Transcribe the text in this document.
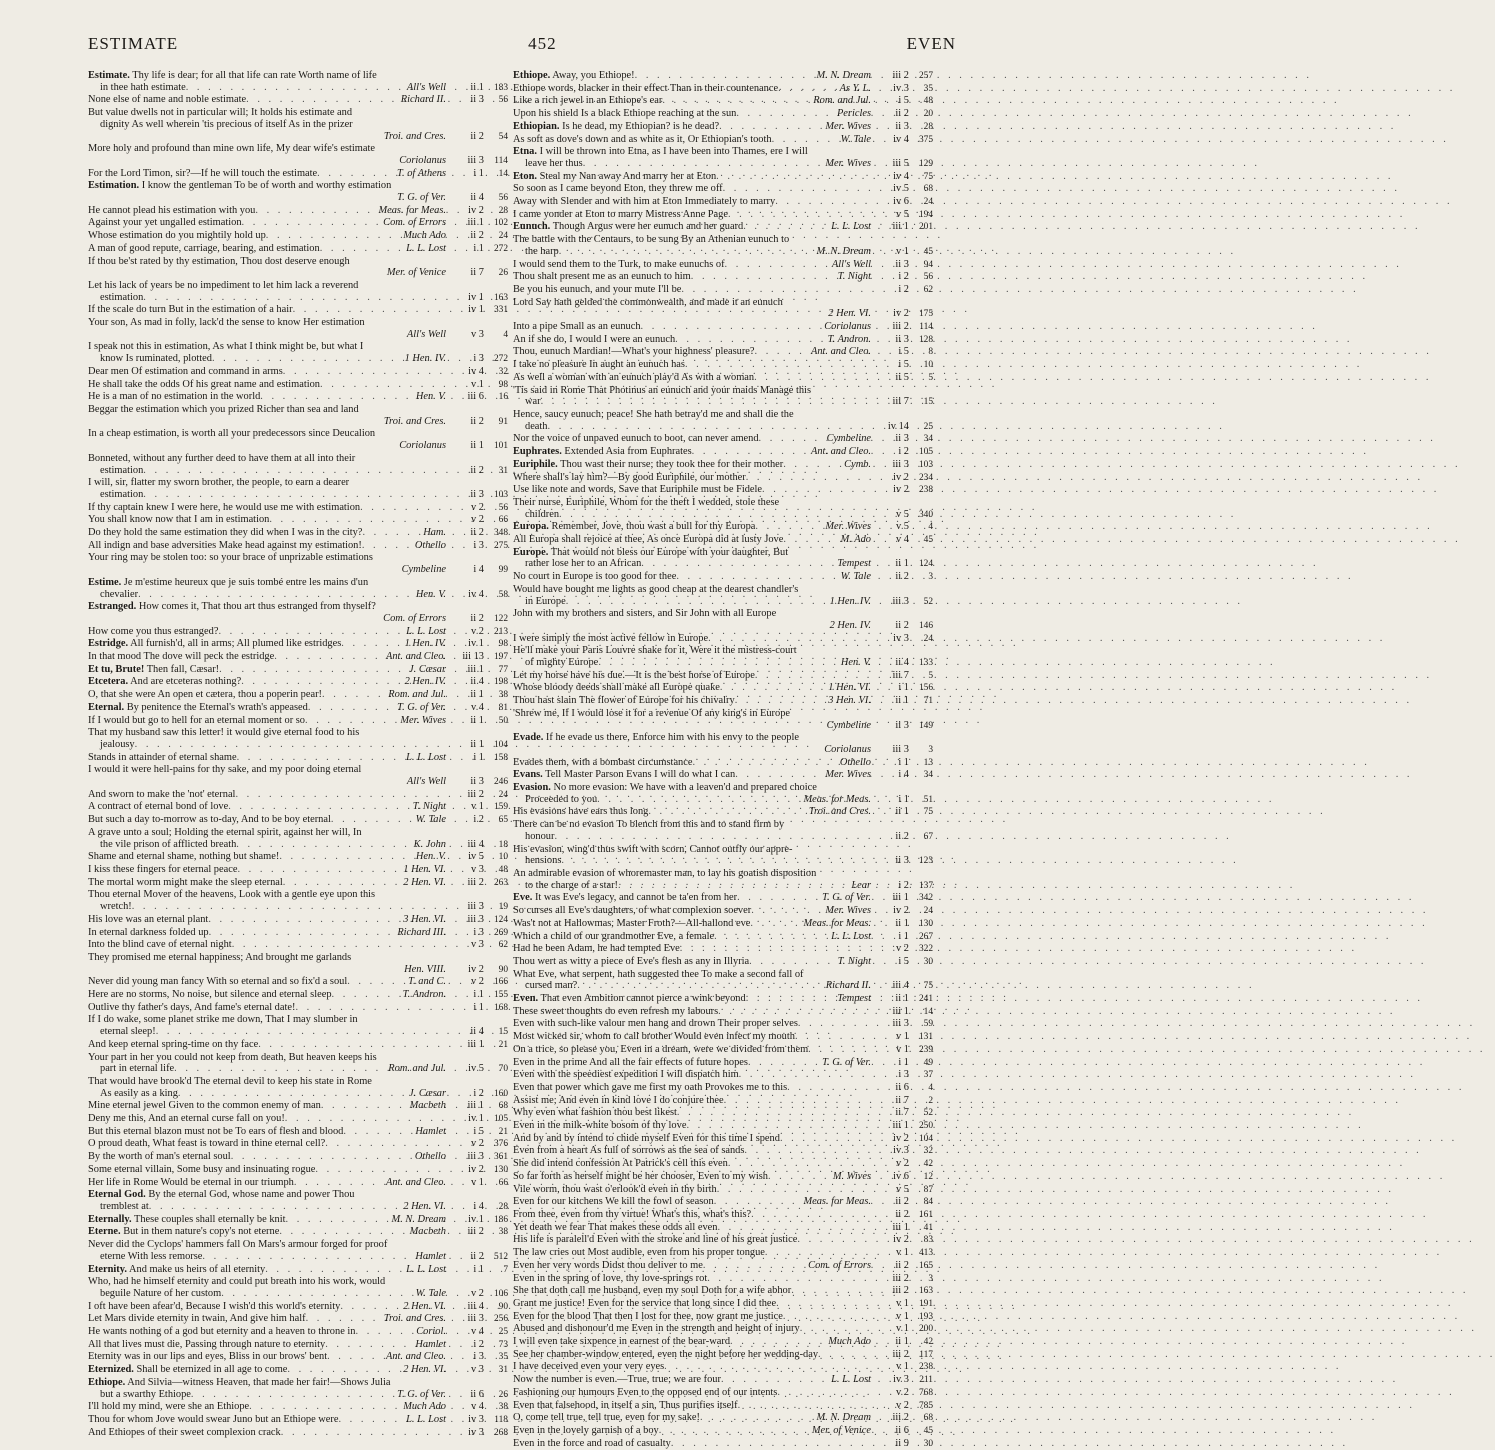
ESTIMATE	452	EVEN
Estimate. Thy life is dear; for all that life can rate Worth name of life
in thee hath estimate . . .	All's Well	ii 1	183
None else of name and noble estimate . . .	Richard II.	ii 3	56
But value dwells not in particular will; It holds his estimate and
dignity As well wherein 'tis precious of itself As in the prizer
Troi. and Cres.	ii 2	54
More holy and profound than mine own life, My dear wife's estimate
Coriolanus	iii 3	114
For the Lord Timon, sir?—If he will touch the estimate . . .	T. of Athens	i 1	14
Estimation. I know the gentleman To be of worth and worthy estimation
T. G. of Ver.	ii 4	56
He cannot plead his estimation with you . . .	Meas. for Meas.	iv 2	28
Against your yet ungalled estimation . . .	Com. of Errors	iii 1	102
Whose estimation do you mightily hold up . . .	Much Ado	ii 2	24
A man of good repute, carriage, bearing, and estimation . . .	L. L. Lost	i 1	272
If thou be'st rated by thy estimation, Thou dost deserve enough
Mer. of Venice	ii 7	26
Let his lack of years be no impediment to let him lack a reverend
estimation . . .	iv 1	163
If the scale do turn But in the estimation of a hair . . .	iv 1	331
Your son, As mad in folly, lack'd the sense to know Her estimation
All's Well	v 3	4
I speak not this in estimation, As what I think might be, but what I
know Is ruminated, plotted . . .	1 Hen. IV.	i 3	272
Dear men Of estimation and command in arms . . .	iv 4	32
He shall take the odds Of his great name and estimation . . .	v 1	98
He is a man of no estimation in the world . . .	Hen. V.	iii 6	16
Beggar the estimation which you prized Richer than sea and land
Troi. and Cres.	ii 2	91
In a cheap estimation, is worth all your predecessors since Deucalion
Coriolanus	ii 1	101
Bonneted, without any further deed to have them at all into their
estimation . . .	ii 2	31
I will, sir, flatter my sworn brother, the people, to earn a dearer
estimation . . .	ii 3	103
If thy captain knew I were here, he would use me with estimation . . .	v 2	56
You shall know now that I am in estimation . . .	v 2	66
Do they hold the same estimation they did when I was in the city? . . .	Ham.	ii 2	348
All indign and base adversities Make head against my estimation! . . .	Othello	i 3	275
Your ring may be stolen too: so your brace of unprizable estimations
Cymbeline	i 4	99
Estime. Je m'estime heureux que je suis tombé entre les mains d'un
chevalier . . .	Hen. V.	iv 4	58
Estranged. How comes it, That thou art thus estranged from thyself?
Com. of Errors	ii 2	122
How come you thus estranged? . . .	L. L. Lost	v 2	213
Estridge. All furnish'd, all in arms; All plumed like estridges . . .	1 Hen. IV.	iv 1	98
In that mood The dove will peck the estridge . . .	Ant. and Cleo.	iii 13	197
Et tu, Brute! Then fall, Cæsar! . . .	J. Cæsar	iii 1	77
Etcetera. And are etceteras nothing? . . .	2 Hen. IV.	ii 4	198
O, that she were An open et cætera, thou a poperin pear! . . .	Rom. and Jul.	ii 1	38
Eternal. By penitence the Eternal's wrath's appeased . . .	T. G. of Ver.	v 4	81
If I would but go to hell for an eternal moment or so . . .	Mer. Wives	ii 1	50
That my husband saw this letter! it would give eternal food to his
jealousy . . .	ii 1	104
Stands in attainder of eternal shame . . .	L. L. Lost	i 1	158
I would it were hell-pains for thy sake, and my poor doing eternal
All's Well	ii 3	246
And sworn to make the 'not' eternal . . .	iii 2	24
A contract of eternal bond of love . . .	T. Night	v 1	159
But such a day to-morrow as to-day, And to be boy eternal . . .	W. Tale	i 2	65
A grave unto a soul; Holding the eternal spirit, against her will, In
the vile prison of afflicted breath . . .	K. John	iii 4	18
Shame and eternal shame, nothing but shame! . . .	Hen. V.	iv 5	10
I kiss these fingers for eternal peace . . .	1 Hen. VI.	v 3	48
The mortal worm might make the sleep eternal . . .	2 Hen. VI.	iii 2	263
Thou eternal Mover of the heavens, Look with a gentle eye upon this
wretch! . . .	iii 3	19
His love was an eternal plant . . .	3 Hen. VI.	iii 3	124
In eternal darkness folded up . . .	Richard III.	i 3	269
Into the blind cave of eternal night . . .	v 3	62
They promised me eternal happiness; And brought me garlands
Hen. VIII.	iv 2	90
Never did young man fancy With so eternal and so fix'd a soul . . .	T. and C.	v 2	166
Here are no storms, No noise, but silence and eternal sleep . . .	T. Andron.	i 1	155
Outlive thy father's days, And fame's eternal date! . . .	i 1	168
If I do wake, some planet strike me down, That I may slumber in
eternal sleep! . . .	ii 4	15
And keep eternal spring-time on thy face . . .	iii 1	21
Your part in her you could not keep from death, But heaven keeps his
part in eternal life . . .	Rom. and Jul.	iv 5	70
That would have brook'd The eternal devil to keep his state in Rome
As easily as a king . . .	J. Cæsar	i 2	160
Mine eternal jewel Given to the common enemy of man . . .	Macbeth	iii 1	68
Deny me this, And an eternal curse fall on you! . . .	iv 1	105
But this eternal blazon must not be To ears of flesh and blood . . .	Hamlet	i 5	21
O proud death, What feast is toward in thine eternal cell? . . .	v 2	376
By the worth of man's eternal soul . . .	Othello	iii 3	361
Some eternal villain, Some busy and insinuating rogue . . .	iv 2	130
Her life in Rome Would be eternal in our triumph . . .	Ant. and Cleo.	v 1	66
Eternal God. By the eternal God, whose name and power Thou
tremblest at . . .	2 Hen. VI.	i 4	28
Eternally. These couples shall eternally be knit . . .	M. N. Dream	iv 1	186
Eterne. But in them nature's copy's not eterne . . .	Macbeth	iii 2	38
Never did the Cyclops' hammers fall On Mars's armour forged for proof
eterne With less remorse . . .	Hamlet	ii 2	512
Eternity. And make us heirs of all eternity . . .	L. L. Lost	i 1	7
Who, had he himself eternity and could put breath into his work, would
beguile Nature of her custom . . .	W. Tale	v 2	106
I oft have been afear'd, Because I wish'd this world's eternity . . .	2 Hen. VI.	iii 4	90
Let Mars divide eternity in twain, And give him half . . .	Troi. and Cres.	iii 3	256
He wants nothing of a god but eternity and a heaven to throne in . . .	Coriol.	v 4	25
All that lives must die, Passing through nature to eternity . . .	Hamlet	i 2	73
Eternity was in our lips and eyes, Bliss in our brows' bent . . .	Ant. and Cleo.	i 3	35
Eternized. Shall be eternized in all age to come . . .	2 Hen. VI.	v 3	31
Ethiope. And Silvia—witness Heaven, that made her fair!—Shows Julia
but a swarthy Ethiope . . .	T. G. of Ver.	ii 6	26
I'll hold my mind, were she an Ethiope . . .	Much Ado	v 4	38
Thou for whom Jove would swear Juno but an Ethiope were . . .	L. L. Lost	iv 3	118
And Ethiopes of their sweet complexion crack . . .	iv 3	268
Ethiope. Away, you Ethiope! . . .	M. N. Dream	iii 2	257
Ethiope words, blacker in their effect Than in their countenance . . .	As Y. L.	iv 3	35
Like a rich jewel in an Ethiope's ear . . .	Rom. and Jul.	i 5	48
Upon his shield Is a black Ethiope reaching at the sun . . .	Pericles	ii 2	20
Ethiopian. Is he dead, my Ethiopian? is he dead? . . .	Mer. Wives	ii 3	28
As soft as dove's down and as white as it, Or Ethiopian's tooth . . .	W. Tale	iv 4	375
Etna. I will be thrown into Etna, as I have been into Thames, ere I will
leave her thus . . .	Mer. Wives	iii 5	129
Eton. Steal my Nan away And marry her at Eton . . .	iv 4	75
So soon as I came beyond Eton, they threw me off . . .	iv 5	68
Away with Slender and with him at Eton Immediately to marry . . .	iv 6	24
I came yonder at Eton to marry Mistress Anne Page . . .	v 5	194
Eunuch. Though Argus were her eunuch and her guard . . .	L. L. Lost	iii 1	201
The battle with the Centaurs, to be sung By an Athenian eunuch to
the harp . . .	M. N. Dream	v 1	45
I would send them to the Turk, to make eunuchs of . . .	All's Well	ii 3	94
Thou shalt present me as an eunuch to him . . .	T. Night	i 2	56
Be you his eunuch, and your mute I'll be . . .	i 2	62
Lord Say hath gelded the commonwealth, and made it an eunuch
2 Hen. VI.	iv 2	175
Into a pipe Small as an eunuch . . .	Coriolanus	iii 2	114
An if she do, I would I were an eunuch . . .	T. Andron.	ii 3	128
Thou, eunuch Mardian!—What's your highness' pleasure? . . .	Ant. and Cleo.	i 5	8
I take no pleasure In aught an eunuch has . . .	i 5	10
As well a woman with an eunuch play'd As with a woman . . .	ii 5	5
'Tis said in Rome That Photinus an eunuch and your maids Manage this
war . . .	iii 7	15
Hence, saucy eunuch; peace! She hath betray'd me and shall die the
death . . .	iv 14	25
Nor the voice of unpaved eunuch to boot, can never amend . . .	Cymbeline	ii 3	34
Euphrates. Extended Asia from Euphrates . . .	Ant. and Cleo.	i 2	105
Euriphile. Thou wast their nurse; they took thee for their mother . . .	Cymb.	iii 3	103
Where shall's lay him?—By good Euriphile, our mother . . .	iv 2	234
Use like note and words, Save that Euriphile must be Fidele . . .	iv 2	238
Their nurse, Euriphile, Whom for the theft I wedded, stole these
children . . .	v 5	340
Europa. Remember, Jove, thou wast a bull for thy Europa . . .	Mer. Wives	v 5	4
All Europa shall rejoice at thee, As once Europa did at lusty Jove . . .	M. Ado	v 4	45
Europe. That would not bless our Europe with your daughter, But
rather lose her to an African . . .	Tempest	ii 1	124
No court in Europe is too good for thee . . .	W. Tale	ii 2	3
Would have bought me lights as good cheap at the dearest chandler's
in Europe . . .	1 Hen. IV.	iii 3	52
John with my brothers and sisters, and Sir John with all Europe
2 Hen. IV.	ii 2	146
I were simply the most active fellow in Europe . . .	iv 3	24
He'll make your Paris Louvre shake for it, Were it the mistress-court
of mighty Europe . . .	Hen. V.	ii 4	133
Let my horse have his due.—It is the best horse of Europe . . .	iii 7	5
Whose bloody deeds shall make all Europe quake . . .	1 Hen. VI.	i 1	156
Thou hast slain The flower of Europe for his chivalry . . .	3 Hen. VI.	ii 1	71
'Shrew me, If I would lose it for a revenue Of any king's in Europe
Cymbeline	ii 3	149
Evade. If he evade us there, Enforce him with his envy to the people
Coriolanus	iii 3	3
Evades them, with a bombast circumstance . . .	Othello	i 1	13
Evans. Tell Master Parson Evans I will do what I can . . .	Mer. Wives	i 4	34
Evasion. No more evasion: We have with a leaven'd and prepared choice
Proceeded to you . . .	Meas. for Meas.	i 1	51
His evasions have ears thus long . . .	Troi. and Cres.	ii 1	75
There can be no evasion To blench from this and to stand firm by
honour . . .	ii 2	67
His evasion, wing'd thus swift with scorn, Cannot outfly our appre-
hensions . . .	ii 3	123
An admirable evasion of whoremaster man, to lay his goatish disposition
to the charge of a star! . . .	Lear	i 2	137
Eve. It was Eve's legacy, and cannot be ta'en from her . . .	T. G. of Ver.	iii 1	342
So curses all Eve's daughters, of what complexion soever . . .	Mer. Wives	iv 2	24
Was't not at Hallowmas, Master Froth?—All-hallond eve . . .	Meas. for Meas.	ii 1	130
Which a child of our grandmother Eve, a female . . .	L. L. Lost	i 1	267
Had he been Adam, he had tempted Eve . . .	v 2	322
Thou wert as witty a piece of Eve's flesh as any in Illyria . . .	T. Night	i 5	30
What Eve, what serpent, hath suggested thee To make a second fall of
cursed man? . . .	Richard II.	iii 4	75
Even. That even Ambition cannot pierce a wink beyond . . .	Tempest	ii 1	241
These sweet thoughts do even refresh my labours . . .	iii 1	14
Even with such-like valour men hang and drown Their proper selves . . .	iii 3	59
Most wicked sir, whom to call brother Would even infect my mouth . . .	v 1	131
On a trice, so please you, Even in a dream, were we divided from them . . .	v 1	239
Even in the prime And all the fair effects of future hopes . . .	T. G. of Ver.	i 1	49
Even with the speediest expedition I will dispatch him . . .	i 3	37
Even that power which gave me first my oath Provokes me to this . . .	ii 6	4
Assist me; And even in kind love I do conjure thee . . .	ii 7	2
Why even what fashion thou best likest . . .	ii 7	52
Even in the milk-white bosom of thy love . . .	iii 1	250
And by and by intend to chide myself Even for this time I spend . . .	iv 2	104
Even from a heart As full of sorrows as the sea of sands . . .	iv 3	32
She did intend confession At Patrick's cell this even . . .	v 2	42
So far forth as herself might be her chooser, Even to my wish . . .	M. Wives	iv 6	12
Vile worm, thou wast o'erlook'd even in thy birth . . .	v 5	87
Even for our kitchens We kill the fowl of season . . .	Meas. for Meas.	ii 2	84
From thee, even from thy virtue! What's this, what's this? . . .	ii 2	161
Yet death we fear That makes these odds all even . . .	iii 1	41
His life is paralell'd Even with the stroke and line of his great justice . . .	iv 2	83
The law cries out Most audible, even from his proper tongue . . .	v 1	413
Even her very words Didst thou deliver to me . . .	Com. of Errors	ii 2	165
Even in the spring of love, thy love-springs rot . . .	iii 2	3
She that doth call me husband, even my soul Doth for a wife abhor . . .	iii 2	163
Grant me justice! Even for the service that long since I did thee . . .	v 1	191
Even for the blood That then I lost for thee, now grant me justice . . .	v 1	193
Abused and dishonour'd me Even in the strength and height of injury . . .	v 1	200
I will even take sixpence in earnest of the bear-ward . . .	Much Ado	ii 1	42
See her chamber-window entered, even the night before her wedding-day . . .	iii 2	117
I have deceived even your very eyes . . .	v 1	238
Now the number is even.—True, true; we are four . . .	L. L. Lost	iv 3	211
Fashioning our humours Even to the opposed end of our intents . . .	v 2	768
Even that falsehood, in itself a sin, Thus purifies itself . . .	v 2	785
O, come tell true, tell true, even for my sake! . . .	M. N. Dream	iii 2	68
Even in the lovely garnish of a boy . . .	Mer. of Venice	ii 6	45
Even in the force and road of casualty . . .	ii 9	30
